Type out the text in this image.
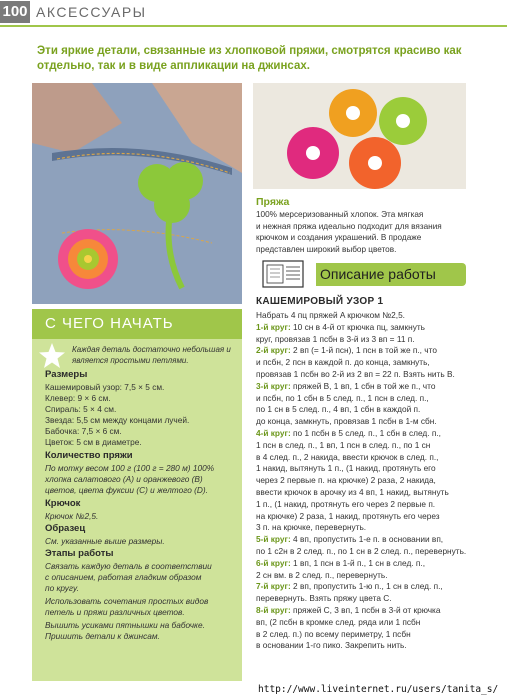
100 АКСЕССУАРЫ
Эти яркие детали, связанные из хлопковой пряжи, смотрятся красиво как отдельно, так и в виде аппликации на джинсах.
Пряжа
100% мерсеризованный хлопок. Эта мягкая
и нежная пряжа идеально подходит для вязания
крючком и создания украшений. В продаже
представлен широкий выбор цветов.
Описание работы
С ЧЕГО НАЧАТЬ
Каждая деталь достаточно небольшая и является простыми петлями.
Размеры
Кашемировый узор: 7,5 × 5 см.
Клевер: 9 × 6 см.
Спираль: 5 × 4 см.
Звезда: 5,5 см между концами лучей.
Бабочка: 7,5 × 6 см.
Цветок: 5 см в диаметре.
Количество пряжи
По мотку весом 100 г (100 г = 280 м) 100%
хлопка салатового (A) и оранжевого (B)
цветов, цвета фуксии (C) и желтого (D).
Крючок
Крючок №2,5.
Образец
См. указанные выше размеры.
Этапы работы
Связать каждую деталь в соответствии
с описанием, работая гладким образом
по кругу.
Использовать сочетания простых видов
петель и пряжи различных цветов.
Вышить усиками пятнышки на бабочке.
Пришить детали к джинсам.
КАШЕМИРОВЫЙ УЗОР 1
Набрать 4 пц пряжей A крючком №2,5.
1-й круг: 10 сн в 4-й от крючка пц, замкнуть
круг, провязав 1 псбн в 3-й из 3 вп = 11 п.
2-й круг: 2 вп (= 1-й пcн), 1 пcн в той же п., что
и псбн, 2 пcн в каждой п. до конца, замкнуть,
провязав 1 псбн во 2-й из 2 вп = 22 п. Взять нить B.
3-й круг: пряжей B, 1 вп, 1 сбн в той же п., что
и псбн, по 1 сбн в 5 след. п., 1 пcн в след. п.,
по 1 сн в 5 след. п., 4 вп, 1 сбн в каждой п.
до конца, замкнуть, провязав 1 псбн в 1-м сбн.
4-й круг: по 1 псбн в 5 след. п., 1 сбн в след. п.,
1 пcн в след. п., 1 вп, 1 пcн в след. п., по 1 сн
в 4 след. п., 2 накида, ввести крючок в след. п.,
1 накид, вытянуть 1 п., (1 накид, протянуть его
через 2 первые п. на крючке) 2 раза, 2 накида,
ввести крючок в арочку из 4 вп, 1 накид, вытянуть
1 п., (1 накид, протянуть его через 2 первые п.
на крючке) 2 раза, 1 накид, протянуть его через
3 п. на крючке, перевернуть.
5-й круг: 4 вп, пропустить 1-е п. в основании вп,
по 1 с2н в 2 след. п., по 1 сн в 2 след. п., перевернуть.
6-й круг: 1 вп, 1 пcн в 1-й п., 1 сн в след. п.,
2 сн вм. в 2 след. п., перевернуть.
7-й круг: 2 вп, пропустить 1-ю п., 1 сн в след. п.,
перевернуть. Взять пряжу цвета C.
8-й круг: пряжей C, 3 вп, 1 псбн в 3-й от крючка
вп, (2 псбн в кромке след. ряда или 1 псбн
в 2 след. п.) по всему периметру, 1 псбн
в основании 1-го пико. Закрепить нить.
http://www.liveinternet.ru/users/tanita_s/
